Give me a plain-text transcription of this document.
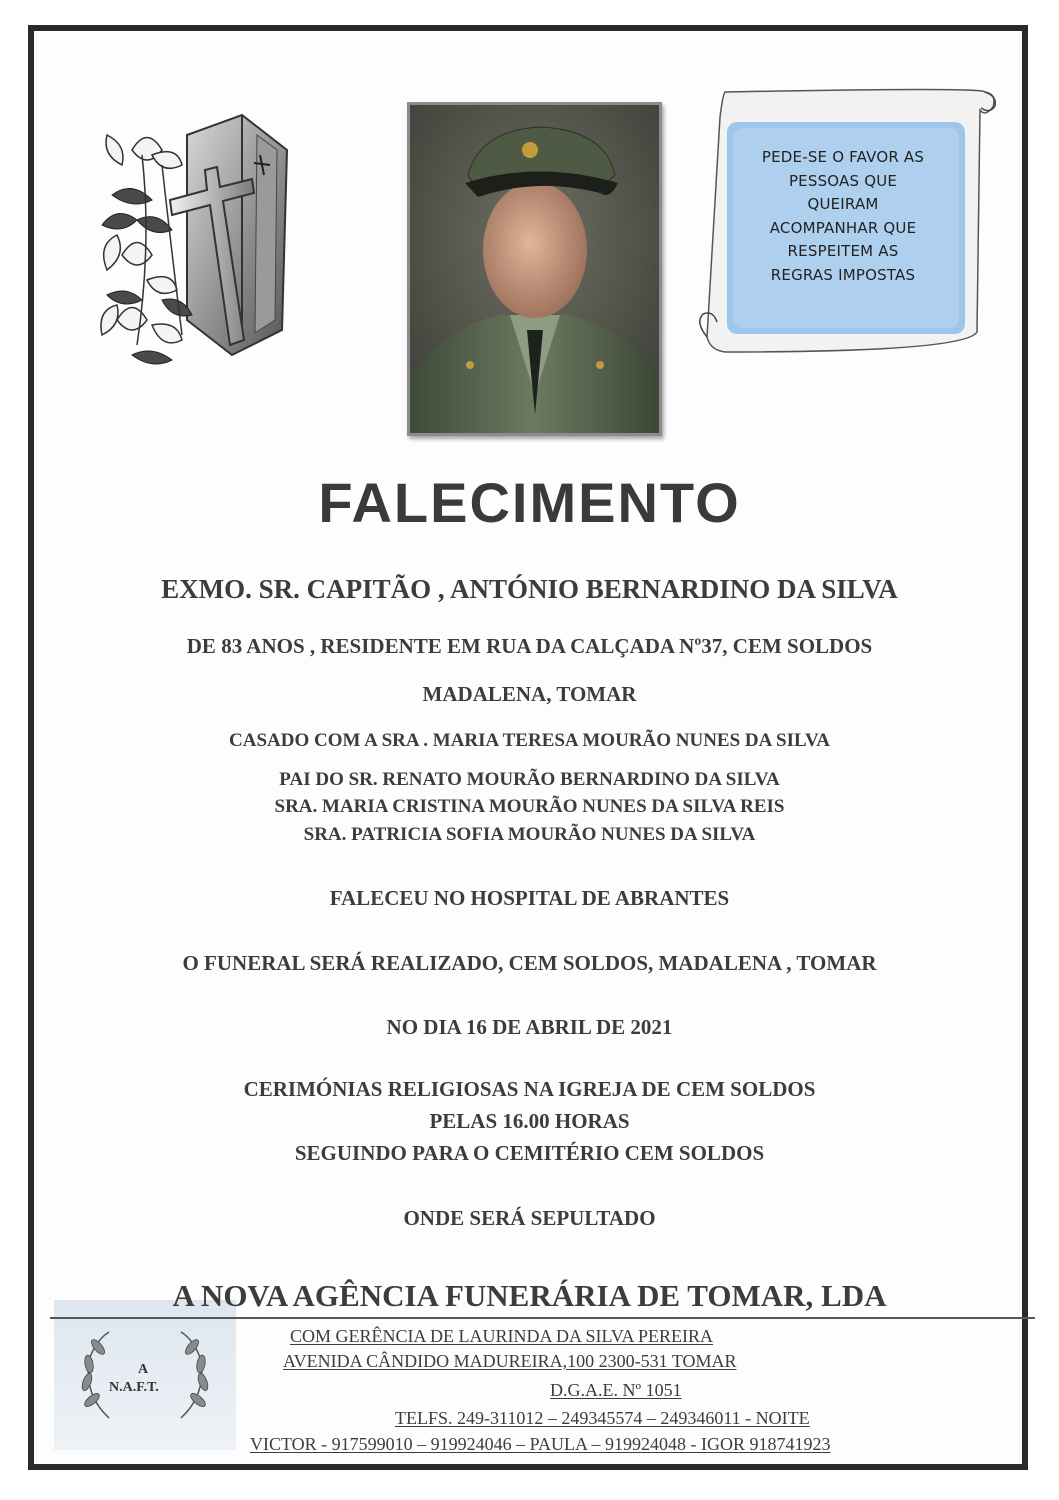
PEDE-SE O FAVOR AS
PESSOAS QUE
QUEIRAM
ACOMPANHAR QUE
RESPEITEM AS
REGRAS IMPOSTAS
FALECIMENTO
EXMO. SR. CAPITÃO , ANTÓNIO BERNARDINO DA SILVA
DE 83 ANOS , RESIDENTE EM RUA DA CALÇADA Nº37, CEM SOLDOS
MADALENA, TOMAR
CASADO COM A SRA . MARIA TERESA MOURÃO NUNES DA SILVA
PAI DO SR. RENATO MOURÃO BERNARDINO DA SILVA
SRA. MARIA CRISTINA MOURÃO NUNES DA SILVA REIS
SRA. PATRICIA SOFIA MOURÃO NUNES DA SILVA
FALECEU NO HOSPITAL DE ABRANTES
O FUNERAL SERÁ REALIZADO, CEM SOLDOS, MADALENA , TOMAR
NO DIA 16 DE ABRIL DE 2021
CERIMÓNIAS RELIGIOSAS NA IGREJA DE CEM SOLDOS
PELAS 16.00 HORAS
SEGUINDO PARA O CEMITÉRIO CEM SOLDOS
ONDE SERÁ SEPULTADO
A
N.A.F.T.
A NOVA AGÊNCIA FUNERÁRIA DE TOMAR, LDA
COM GERÊNCIA DE LAURINDA DA SILVA PEREIRA
AVENIDA CÂNDIDO MADUREIRA,100 2300-531 TOMAR
D.G.A.E. Nº 1051
TELFS. 249-311012 – 249345574 – 249346011 - NOITE
VICTOR - 917599010 – 919924046 – PAULA – 919924048 - IGOR 918741923
